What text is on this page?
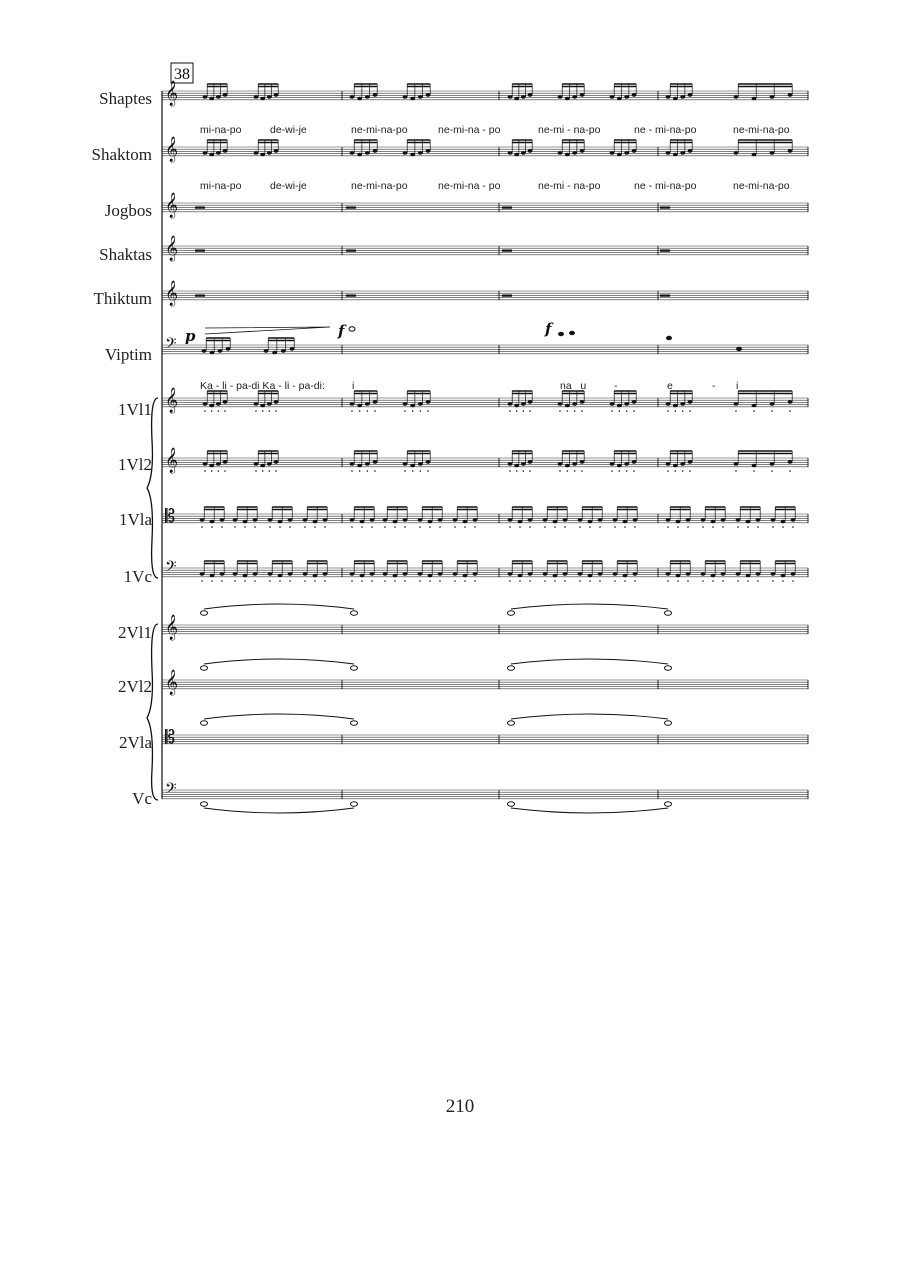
Shaptes
Shaktom
Jogbos
Shaktas
Thiktum
Viptim
1Vl1
1Vl2
1Vla
1Vc
2Vl1
2Vl2
2Vla
Vc
𝄞
𝄞
𝄞
𝄞
𝄞
𝄢
𝄞
𝄞
𝄡
𝄢
𝄞
𝄞
𝄡
𝄢
mi-na-po	de-wi-je	ne-mi-na-po	ne-mi-na - po	ne-mi - na-po	ne - mi-na-po	ne-mi-na-po
mi-na-po	de-wi-je	ne-mi-na-po	ne-mi-na - po	ne-mi - na-po	ne - mi-na-po	ne-mi-na-po
Ka - li - pa-di Ka - li - pa-di:	i	na_ u	-	e	- i
p	f	f
38
210
